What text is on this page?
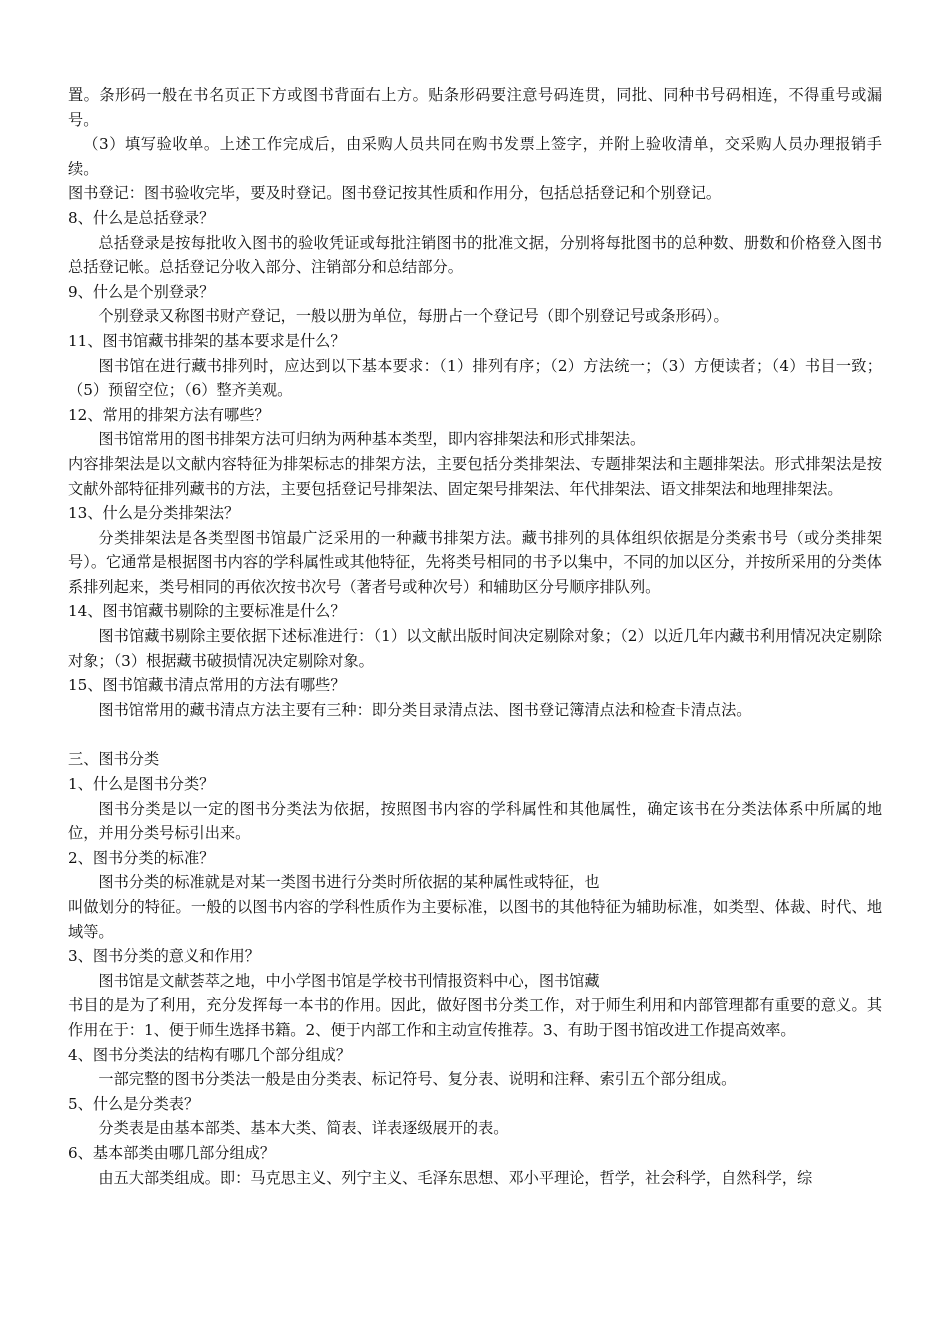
置。条形码一般在书名页正下方或图书背面右上方。贴条形码要注意号码连贯，同批、同种书号码相连，不得重号或漏号。

（3）填写验收单。上述工作完成后，由采购人员共同在购书发票上签字，并附上验收清单，交采购人员办理报销手续。

图书登记：图书验收完毕，要及时登记。图书登记按其性质和作用分，包括总括登记和个别登记。

8、什么是总括登录？

总括登录是按每批收入图书的验收凭证或每批注销图书的批准文据，分别将每批图书的总种数、册数和价格登入图书总括登记帐。总括登记分收入部分、注销部分和总结部分。

9、什么是个别登录？

个别登录又称图书财产登记，一般以册为单位，每册占一个登记号（即个别登记号或条形码）。

11、图书馆藏书排架的基本要求是什么？

图书馆在进行藏书排列时，应达到以下基本要求：（1）排列有序；（2）方法统一；（3）方便读者；（4）书目一致；（5）预留空位；（6）整齐美观。

12、常用的排架方法有哪些？

图书馆常用的图书排架方法可归纳为两种基本类型，即内容排架法和形式排架法。

内容排架法是以文献内容特征为排架标志的排架方法，主要包括分类排架法、专题排架法和主题排架法。形式排架法是按文献外部特征排列藏书的方法，主要包括登记号排架法、固定架号排架法、年代排架法、语文排架法和地理排架法。

13、什么是分类排架法？

分类排架法是各类型图书馆最广泛采用的一种藏书排架方法。藏书排列的具体组织依据是分类索书号（或分类排架号）。它通常是根据图书内容的学科属性或其他特征，先将类号相同的书予以集中，不同的加以区分，并按所采用的分类体系排列起来，类号相同的再依次按书次号（著者号或种次号）和辅助区分号顺序排队列。

14、图书馆藏书剔除的主要标准是什么？

图书馆藏书剔除主要依据下述标准进行：（1）以文献出版时间决定剔除对象；（2）以近几年内藏书利用情况决定剔除对象；（3）根据藏书破损情况决定剔除对象。

15、图书馆藏书清点常用的方法有哪些？

图书馆常用的藏书清点方法主要有三种：即分类目录清点法、图书登记簿清点法和检查卡清点法。

三、图书分类

1、什么是图书分类？

图书分类是以一定的图书分类法为依据，按照图书内容的学科属性和其他属性，确定该书在分类法体系中所属的地位，并用分类号标引出来。

2、图书分类的标准？

图书分类的标准就是对某一类图书进行分类时所依据的某种属性或特征，也

叫做划分的特征。一般的以图书内容的学科性质作为主要标准，以图书的其他特征为辅助标准，如类型、体裁、时代、地域等。

3、图书分类的意义和作用？

图书馆是文献荟萃之地，中小学图书馆是学校书刊情报资料中心，图书馆藏

书目的是为了利用，充分发挥每一本书的作用。因此，做好图书分类工作，对于师生利用和内部管理都有重要的意义。其作用在于：1、便于师生选择书籍。2、便于内部工作和主动宣传推荐。3、有助于图书馆改进工作提高效率。

4、图书分类法的结构有哪几个部分组成？

一部完整的图书分类法一般是由分类表、标记符号、复分表、说明和注释、索引五个部分组成。

5、什么是分类表？

分类表是由基本部类、基本大类、简表、详表逐级展开的表。

6、基本部类由哪几部分组成？

由五大部类组成。即：马克思主义、列宁主义、毛泽东思想、邓小平理论，哲学，社会科学，自然科学，综
